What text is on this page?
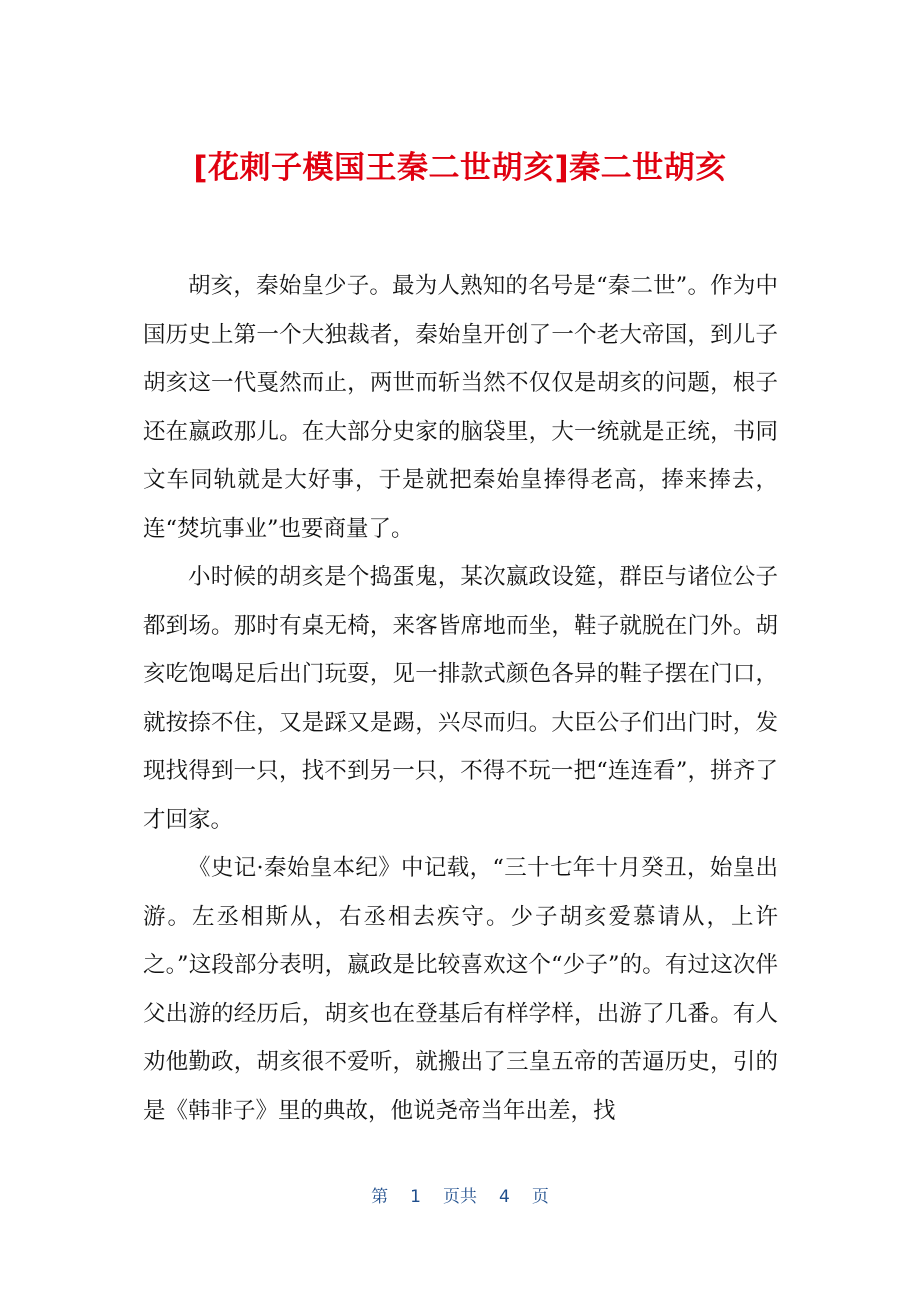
[花刺子模国王秦二世胡亥]秦二世胡亥

胡亥，秦始皇少子。最为人熟知的名号是“秦二世”。作为中国历史上第一个大独裁者，秦始皇开创了一个老大帝国，到儿子胡亥这一代戛然而止，两世而斩当然不仅仅是胡亥的问题，根子还在嬴政那儿。在大部分史家的脑袋里，大一统就是正统，书同文车同轨就是大好事，于是就把秦始皇捧得老高，捧来捧去，连“焚坑事业”也要商量了。

小时候的胡亥是个捣蛋鬼，某次嬴政设筵，群臣与诸位公子都到场。那时有桌无椅，来客皆席地而坐，鞋子就脱在门外。胡亥吃饱喝足后出门玩耍，见一排款式颜色各异的鞋子摆在门口，就按捺不住，又是踩又是踢，兴尽而归。大臣公子们出门时，发现找得到一只，找不到另一只，不得不玩一把“连连看”，拼齐了才回家。

《史记·秦始皇本纪》中记载，“三十七年十月癸丑，始皇出游。左丞相斯从，右丞相去疾守。少子胡亥爱慕请从，上许之。”这段部分表明，嬴政是比较喜欢这个“少子”的。有过这次伴父出游的经历后，胡亥也在登基后有样学样，出游了几番。有人劝他勤政，胡亥很不爱听，就搬出了三皇五帝的苦逼历史，引的是《韩非子》里的典故，他说尧帝当年出差，找

第 1 页共 4 页
